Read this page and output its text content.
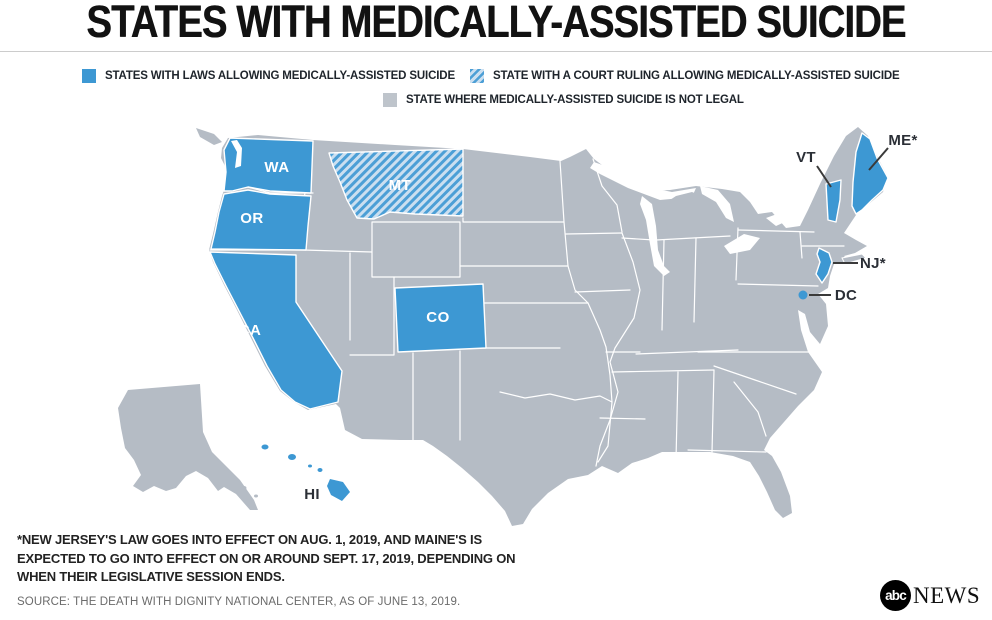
STATES WITH MEDICALLY-ASSISTED SUICIDE
STATES WITH LAWS ALLOWING MEDICALLY-ASSISTED SUICIDE	STATE WITH A COURT RULING ALLOWING MEDICALLY-ASSISTED SUICIDE
STATE WHERE MEDICALLY-ASSISTED SUICIDE IS NOT LEGAL
WA
OR
CA
MT
CO
HI
VT
ME*
NJ*
DC
*NEW JERSEY'S LAW GOES INTO EFFECT ON AUG. 1, 2019, AND MAINE'S IS
EXPECTED TO GO INTO EFFECT ON OR AROUND SEPT. 17, 2019, DEPENDING ON
WHEN THEIR LEGISLATIVE SESSION ENDS.
SOURCE: THE DEATH WITH DIGNITY NATIONAL CENTER, AS OF JUNE 13, 2019.	abc NEWS
